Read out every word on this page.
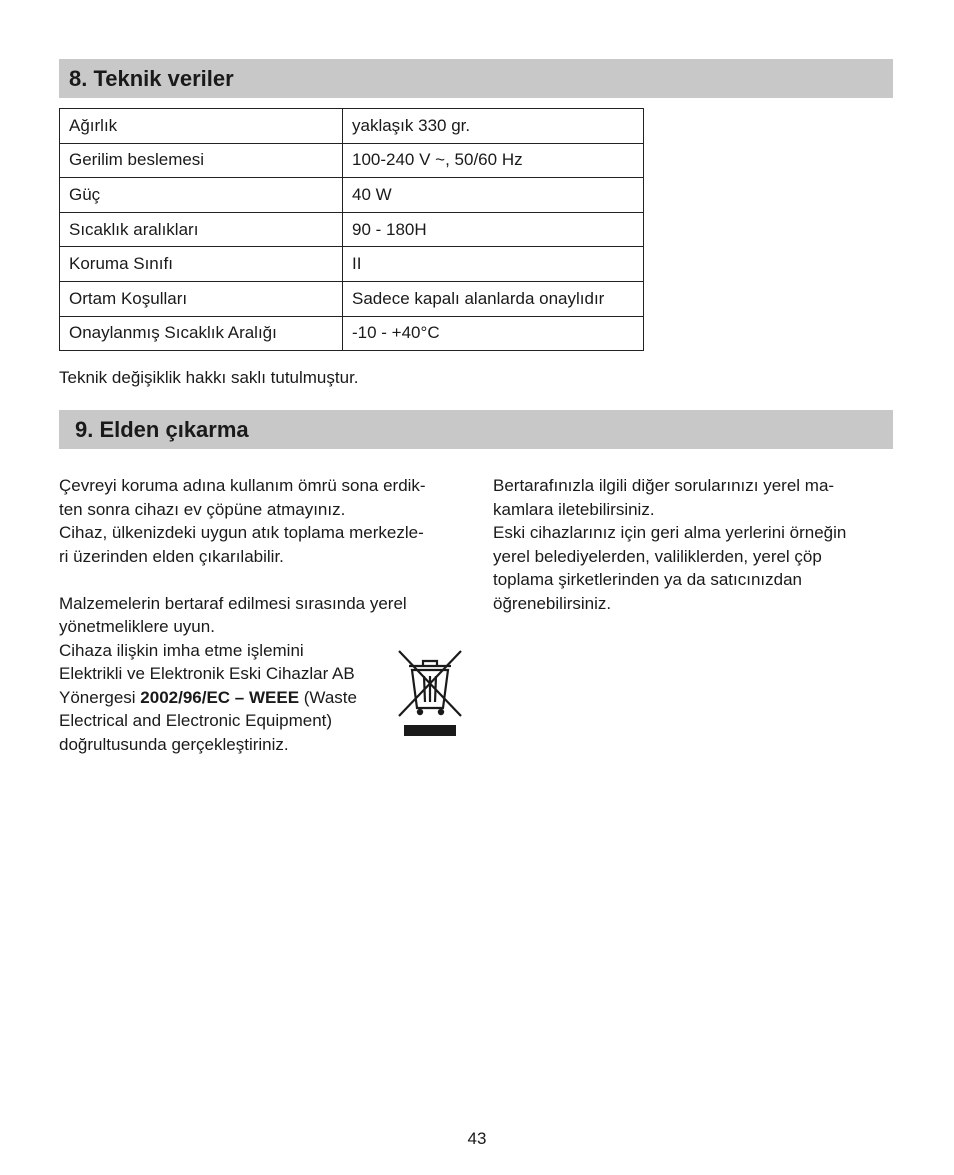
8. Teknik veriler
Ağırlık	yaklaşık 330 gr.
Gerilim beslemesi	100-240 V ~, 50/60 Hz
Güç	40 W
Sıcaklık aralıkları	90 - 180H
Koruma Sınıfı	II
Ortam Koşulları	Sadece kapalı alanlarda onaylıdır
Onaylanmış Sıcaklık Aralığı	-10 - +40°C
Teknik değişiklik hakkı saklı tutulmuştur.
9. Elden çıkarma

Çevreyi koruma adına kullanım ömrü sona erdik-

ten sonra cihazı ev çöpüne atmayınız.

Cihaz, ülkenizdeki uygun atık toplama merkezle-

ri üzerinden elden çıkarılabilir.

Malzemelerin bertaraf edilmesi sırasında yerel

yönetmeliklere uyun.

Cihaza ilişkin imha etme işlemini

Elektrikli ve Elektronik Eski Cihazlar AB

Yönergesi 2002/96/EC – WEEE (Waste

Electrical and Electronic Equipment)

doğrultusunda gerçekleştiriniz.

Bertarafınızla ilgili diğer sorularınızı yerel ma-

kamlara iletebilirsiniz.

Eski cihazlarınız için geri alma yerlerini örneğin

yerel belediyelerden, valiliklerden, yerel çöp

toplama şirketlerinden ya da satıcınızdan

öğrenebilirsiniz.

43
